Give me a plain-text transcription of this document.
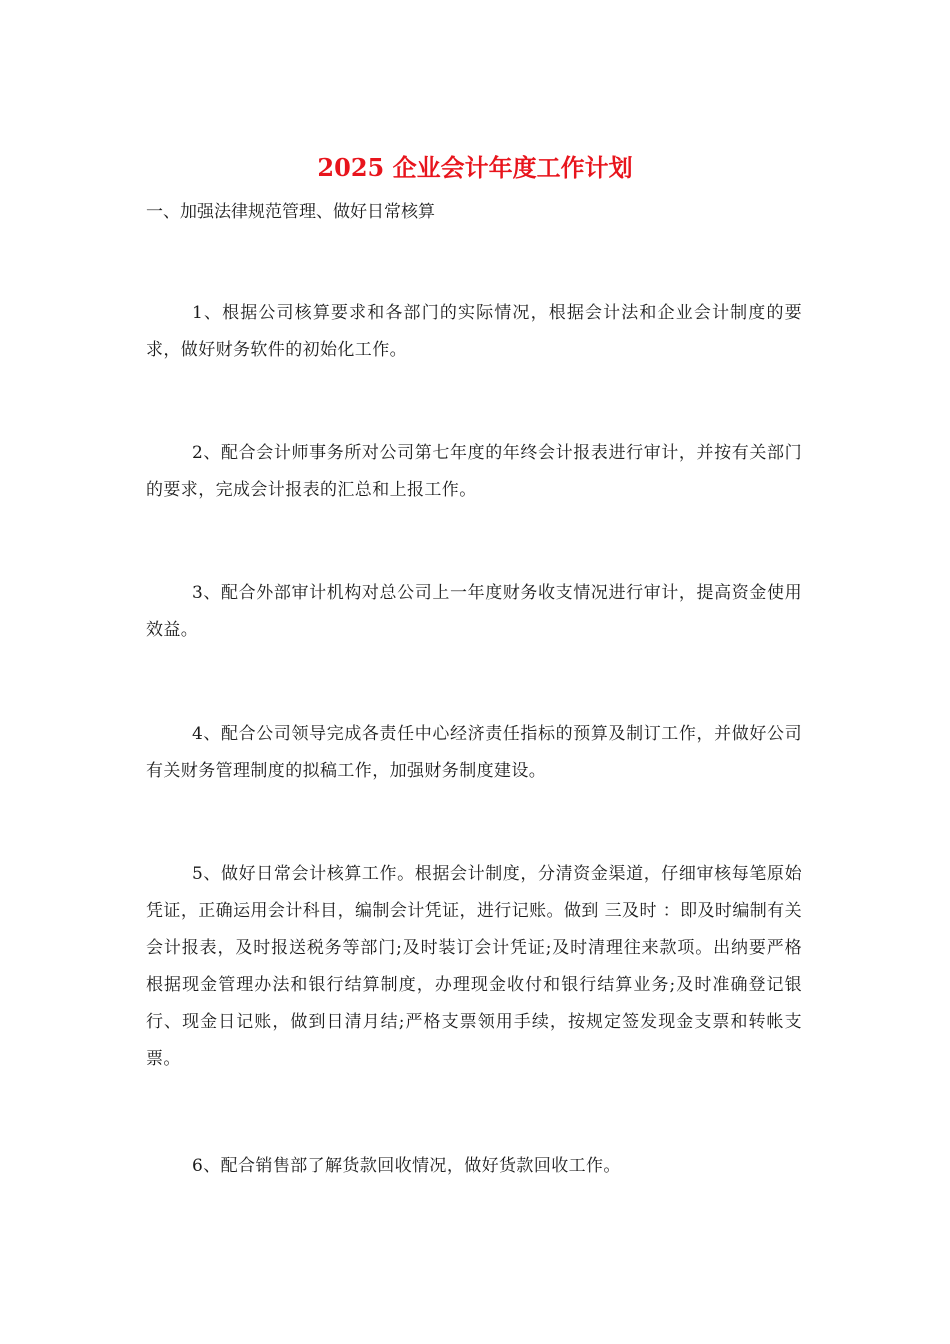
2025 企业会计年度工作计划

一、加强法律规范管理、做好日常核算

1、根据公司核算要求和各部门的实际情况，根据会计法和企业会计制度的要求，做好财务软件的初始化工作。

2、配合会计师事务所对公司第七年度的年终会计报表进行审计，并按有关部门的要求，完成会计报表的汇总和上报工作。

3、配合外部审计机构对总公司上一年度财务收支情况进行审计，提高资金使用效益。

4、配合公司领导完成各责任中心经济责任指标的预算及制订工作，并做好公司有关财务管理制度的拟稿工作，加强财务制度建设。

5、做好日常会计核算工作。根据会计制度，分清资金渠道，仔细审核每笔原始凭证，正确运用会计科目，编制会计凭证，进行记账。做到 三及时 ：即及时编制有关会计报表，及时报送税务等部门;及时装订会计凭证;及时清理往来款项。出纳要严格根据现金管理办法和银行结算制度，办理现金收付和银行结算业务;及时准确登记银行、现金日记账，做到日清月结;严格支票领用手续，按规定签发现金支票和转帐支票。

6、配合销售部了解货款回收情况，做好货款回收工作。
